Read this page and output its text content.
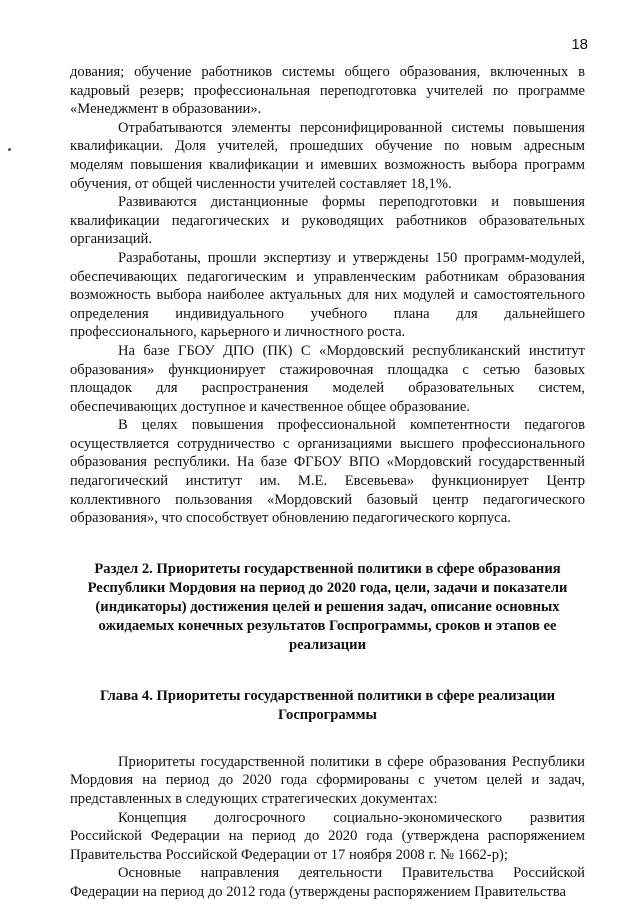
18

дования; обучение работников системы общего образования, включенных в кадровый резерв; профессиональная переподготовка учителей по программе «Менеджмент в образовании».

Отрабатываются элементы персонифицированной системы повышения квалификации. Доля учителей, прошедших обучение по новым адресным моделям повышения квалификации и имевших возможность выбора программ обучения, от общей численности учителей составляет 18,1%.

Развиваются дистанционные формы переподготовки и повышения квалификации педагогических и руководящих работников образовательных организаций.

Разработаны, прошли экспертизу и утверждены 150 программ-модулей, обеспечивающих педагогическим и управленческим работникам образования возможность выбора наиболее актуальных для них модулей и самостоятельного определения индивидуального учебного плана для дальнейшего профессионального, карьерного и личностного роста.

На базе ГБОУ ДПО (ПК) С «Мордовский республиканский институт образования» функционирует стажировочная площадка с сетью базовых площадок для распространения моделей образовательных систем, обеспечивающих доступное и качественное общее образование.

В целях повышения профессиональной компетентности педагогов осуществляется сотрудничество с организациями высшего профессионального образования республики. На базе ФГБОУ ВПО «Мордовский государственный педагогический институт им. М.Е. Евсевьева» функционирует Центр коллективного пользования «Мордовский базовый центр педагогического образования», что способствует обновлению педагогического корпуса.

Раздел 2. Приоритеты государственной политики в сфере образования Республики Мордовия на период до 2020 года, цели, задачи и показатели (индикаторы) достижения целей и решения задач, описание основных ожидаемых конечных результатов Госпрограммы, сроков и этапов ее реализации
Глава 4. Приоритеты государственной политики в сфере реализации Госпрограммы

Приоритеты государственной политики в сфере образования Республики Мордовия на период до 2020 года сформированы с учетом целей и задач, представленных в следующих стратегических документах:

Концепция долгосрочного социально-экономического развития Российской Федерации на период до 2020 года (утверждена распоряжением Правительства Российской Федерации от 17 ноября 2008 г. № 1662-р);

Основные направления деятельности Правительства Российской Федерации на период до 2012 года (утверждены распоряжением Правительства
